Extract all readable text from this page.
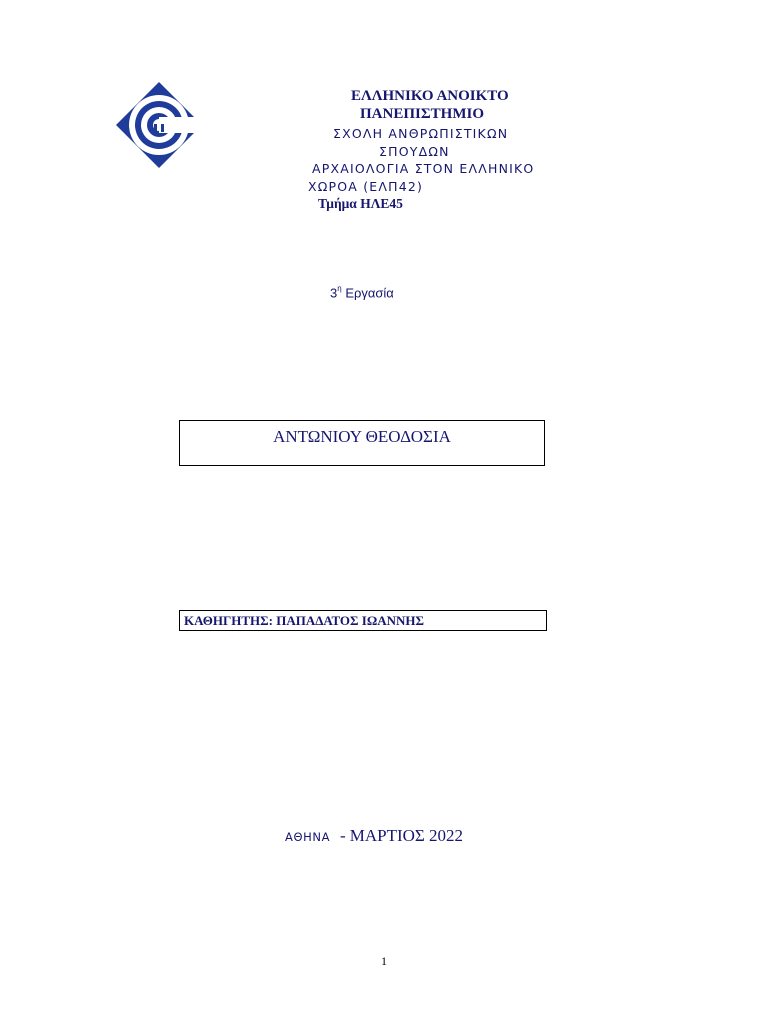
ΕΛΛΗΝΙΚΟ ΑΝΟΙΚΤΟ
ΠΑΝΕΠΙΣΤΗΜΙΟ
ΣΧΟΛΗ ΑΝΘΡΩΠΙΣΤΙΚΩΝ
ΣΠΟΥΔΩΝ
ΑΡΧΑΙΟΛΟΓΙΑ ΣΤΟΝ ΕΛΛΗΝΙΚΟ
ΧΩΡΟΑ (ΕΛΠ42)
Τμήμα ΗΛΕ45
$3^\eta$ Εργασία
ΑΝΤΩΝΙΟΥ ΘΕΟΔΟΣΙΑ
ΚΑΘΗΓΗΤΗΣ: ΠΑΠΑΔΑΤΟΣ ΙΩΑΝΝΗΣ
ΑΘΗΝΑ - ΜΑΡΤΙΟΣ 2022
1
